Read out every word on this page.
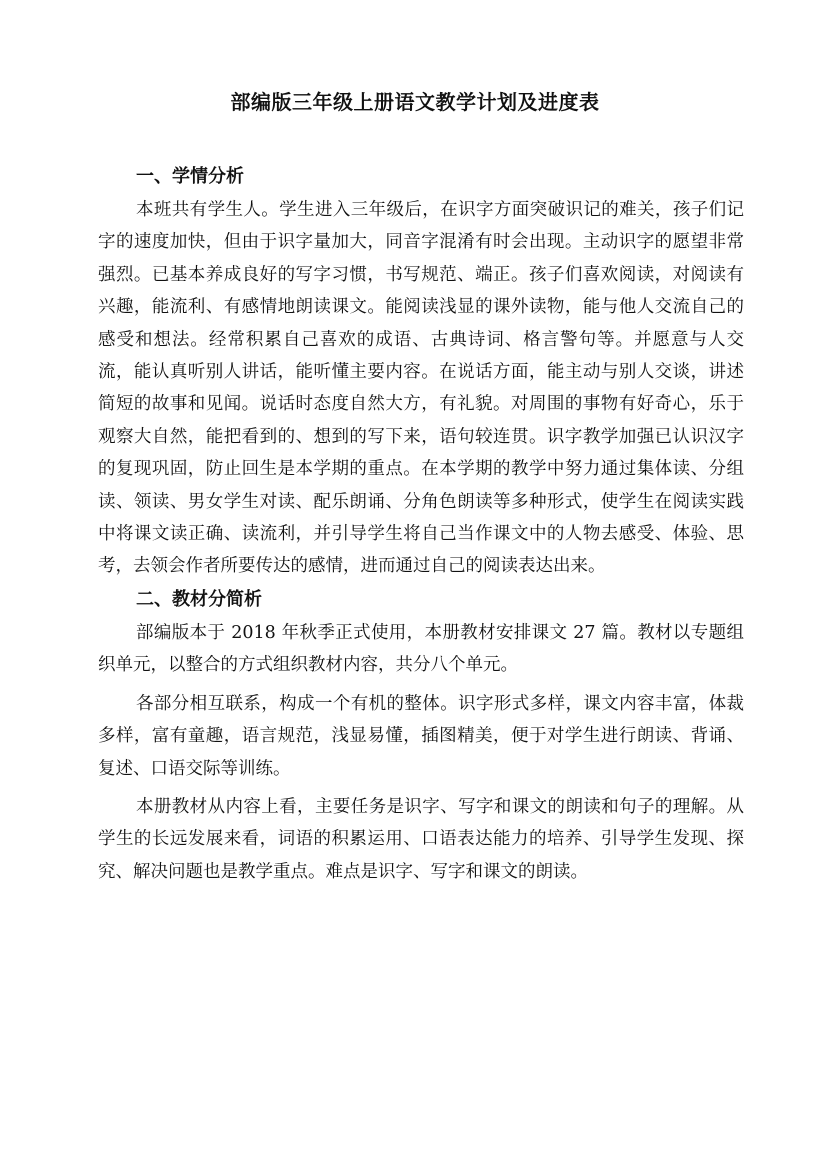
部编版三年级上册语文教学计划及进度表
一、学情分析

本班共有学生人。学生进入三年级后，在识字方面突破识记的难关，孩子们记字的速度加快，但由于识字量加大，同音字混淆有时会出现。主动识字的愿望非常强烈。已基本养成良好的写字习惯，书写规范、端正。孩子们喜欢阅读，对阅读有兴趣，能流利、有感情地朗读课文。能阅读浅显的课外读物，能与他人交流自己的感受和想法。经常积累自己喜欢的成语、古典诗词、格言警句等。并愿意与人交流，能认真听别人讲话，能听懂主要内容。在说话方面，能主动与别人交谈，讲述简短的故事和见闻。说话时态度自然大方，有礼貌。对周围的事物有好奇心，乐于观察大自然，能把看到的、想到的写下来，语句较连贯。识字教学加强已认识汉字的复现巩固，防止回生是本学期的重点。在本学期的教学中努力通过集体读、分组读、领读、男女学生对读、配乐朗诵、分角色朗读等多种形式，使学生在阅读实践中将课文读正确、读流利，并引导学生将自己当作课文中的人物去感受、体验、思考，去领会作者所要传达的感情，进而通过自己的阅读表达出来。

二、教材分简析

部编版本于 2018 年秋季正式使用，本册教材安排课文 27 篇。教材以专题组织单元，以整合的方式组织教材内容，共分八个单元。

各部分相互联系，构成一个有机的整体。识字形式多样，课文内容丰富，体裁多样，富有童趣，语言规范，浅显易懂，插图精美，便于对学生进行朗读、背诵、复述、口语交际等训练。

本册教材从内容上看，主要任务是识字、写字和课文的朗读和句子的理解。从学生的长远发展来看，词语的积累运用、口语表达能力的培养、引导学生发现、探究、解决问题也是教学重点。难点是识字、写字和课文的朗读。
